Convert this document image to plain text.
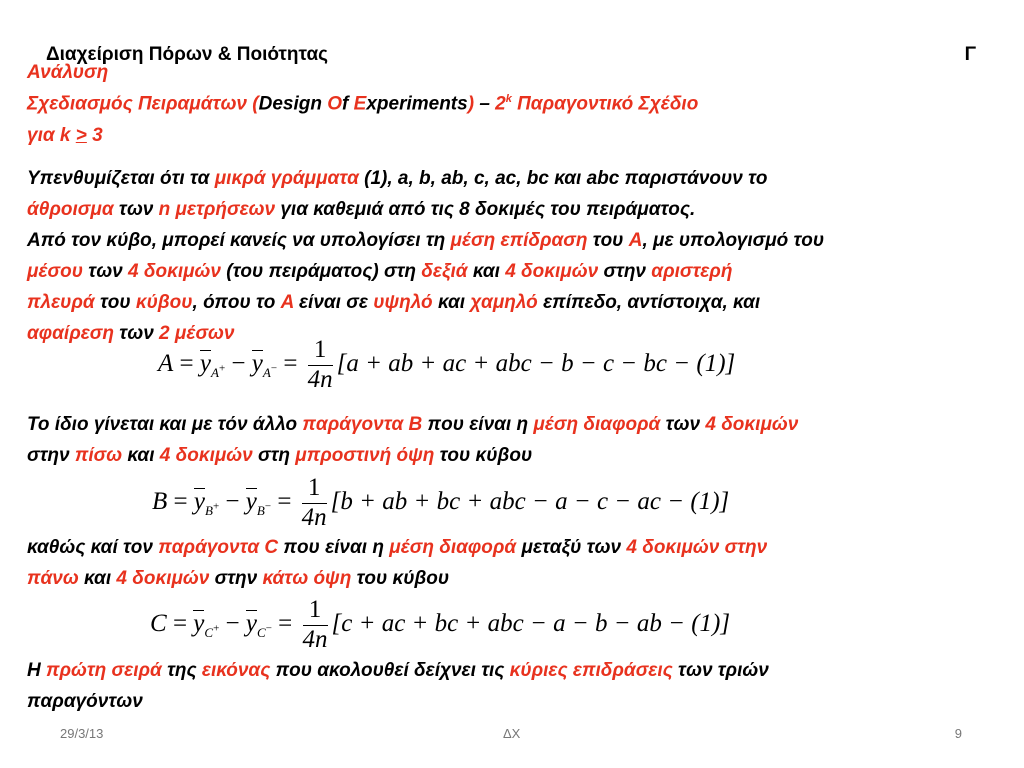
Διαχείριση Πόρων & Ποιότητας	Γ
Ανάλυση
Σχεδιασμός Πειραμάτων (Design Of Experiments) – 2$^k$ Παραγοντικό Σχέδιο
για k ≥ 3
Υπενθυμίζεται ότι τα μικρά γράμματα (1), a, b, ab, c, ac, bc και abc παριστάνουν το
άθροισμα των n μετρήσεων για καθεμιά από τις 8 δοκιμές του πειράματος.
Από τον κύβο, μπορεί κανείς να υπολογίσει τη μέση επίδραση του A, με υπολογισμό του
μέσου των 4 δοκιμών (του πειράματος) στη δεξιά και 4 δοκιμών στην αριστερή
πλευρά του κύβου, όπου το A είναι σε υψηλό και χαμηλό επίπεδο, αντίστοιχα, και
αφαίρεση των 2 μέσων
$A = y_{A^+} - y_{A^-} = \frac{1}{4n} [a$ + ab + ac + abc − b − c − bc − (1)]
Το ίδιο γίνεται και με τόν άλλο παράγοντα B που είναι η μέση διαφορά των 4 δοκιμών
στην πίσω και 4 δοκιμών στη μπροστινή όψη του κύβου
$B = y_{B^+} - y_{B^-} = \frac{1}{4n} [b$ + ab + bc + abc − a − c − ac − (1)]
καθώς καί τον παράγοντα C που είναι η μέση διαφορά μεταξύ των 4 δοκιμών στην
πάνω και 4 δοκιμών στην κάτω όψη του κύβου
$C = y_{C^+} - y_{C^-} = \frac{1}{4n} [c$ + ac + bc + abc − a − b − ab − (1)]
Η πρώτη σειρά της εικόνας που ακολουθεί δείχνει τις κύριες επιδράσεις των τριών
παραγόντων
29/3/13	ΔΧ	9
